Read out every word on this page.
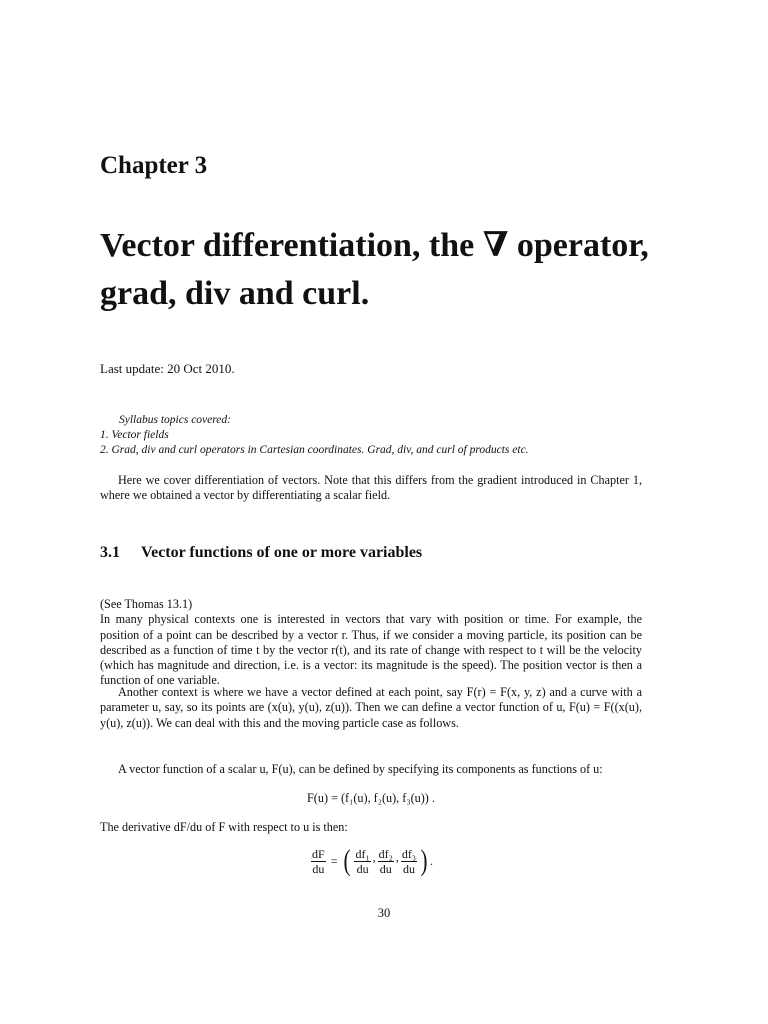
Chapter 3
Vector differentiation, the ∇ operator,
grad, div and curl.
Last update: 20 Oct 2010.
Syllabus topics covered:
1. Vector fields
2. Grad, div and curl operators in Cartesian coordinates. Grad, div, and curl of products etc.

Here we cover differentiation of vectors. Note that this differs from the gradient introduced in Chapter 1, where we obtained a vector by differentiating a scalar field.

3.1 Vector functions of one or more variables

(See Thomas 13.1)

In many physical contexts one is interested in vectors that vary with position or time. For example, the position of a point can be described by a vector r. Thus, if we consider a moving particle, its position can be described as a function of time t by the vector r(t), and its rate of change with respect to t will be the velocity (which has magnitude and direction, i.e. is a vector: its magnitude is the speed). The position vector is then a function of one variable.

Another context is where we have a vector defined at each point, say F(r) = F(x, y, z) and a curve with a parameter u, say, so its points are (x(u), y(u), z(u)). Then we can define a vector function of u, F(u) = F((x(u), y(u), z(u)). We can deal with this and the moving particle case as follows.

A vector function of a scalar u, F(u), can be defined by specifying its components as functions of u:

F(u) = (f₁(u), f₂(u), f₃(u)) .

The derivative dF/du of F with respect to u is then:

$\frac{dF}{du}$ = ( $\frac{\text{df₁}}{du}$ , $\frac{\text{df₂}}{du}$ , $\frac{\text{df₃}}{du}$ ) .
30
